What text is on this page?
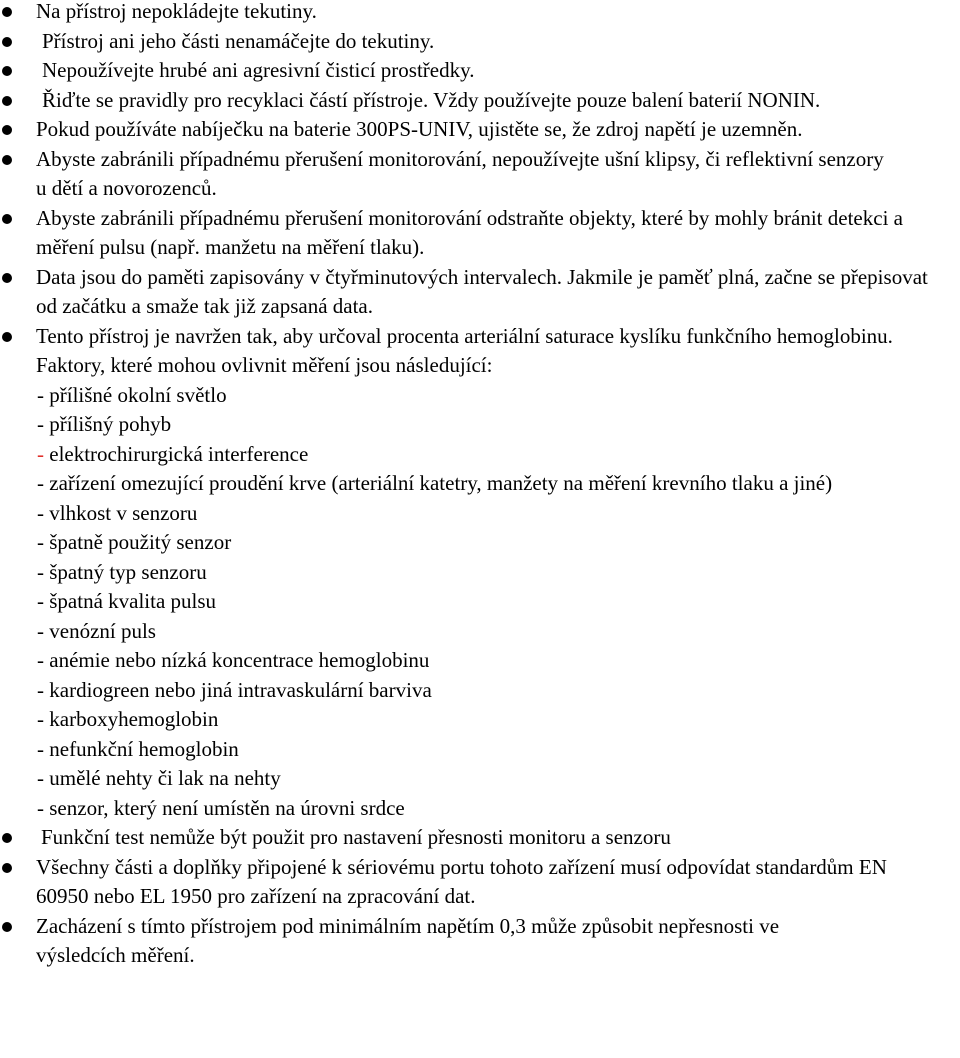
Na přístroj nepokládejte tekutiny.
Přístroj ani jeho části nenamáčejte do tekutiny.
Nepoužívejte hrubé ani agresivní čisticí prostředky.
Řiďte se pravidly pro recyklaci částí přístroje. Vždy používejte pouze balení baterií NONIN.
Pokud používáte nabíječku na baterie 300PS-UNIV, ujistěte se, že zdroj napětí je uzemněn.
Abyste zabránili případnému přerušení monitorování, nepoužívejte ušní klipsy, či reflektivní senzory u dětí a novorozenců.
Abyste zabránili případnému přerušení monitorování odstraňte objekty, které by mohly bránit detekci a měření pulsu (např. manžetu na měření tlaku).
Data jsou do paměti zapisovány v čtyřminutových intervalech. Jakmile je paměť plná, začne se přepisovat od začátku a smaže tak již zapsaná data.
Tento přístroj je navržen tak, aby určoval procenta arteriální saturace kyslíku funkčního hemoglobinu. Faktory, které mohou ovlivnit měření jsou následující:
- přílišné okolní světlo
- přílišný pohyb
- elektrochirurgická interference
- zařízení omezující proudění krve (arteriální katetry, manžety na měření krevního tlaku a jiné)
- vlhkost v senzoru
- špatně použitý senzor
- špatný typ senzoru
- špatná kvalita pulsu
- venózní puls
- anémie nebo nízká koncentrace hemoglobinu
- kardiogreen nebo jiná intravaskulární barviva
- karboxyhemoglobin
- nefunkční hemoglobin
- umělé nehty či lak na nehty
- senzor, který není umístěn na úrovni srdce
Funkční test nemůže být použit pro nastavení přesnosti monitoru a senzoru
Všechny části a doplňky připojené k sériovému portu tohoto zařízení musí odpovídat standardům EN 60950 nebo EL 1950 pro zařízení na zpracování dat.
Zacházení s tímto přístrojem pod minimálním napětím 0,3 může způsobit nepřesnosti ve výsledcích měření.
